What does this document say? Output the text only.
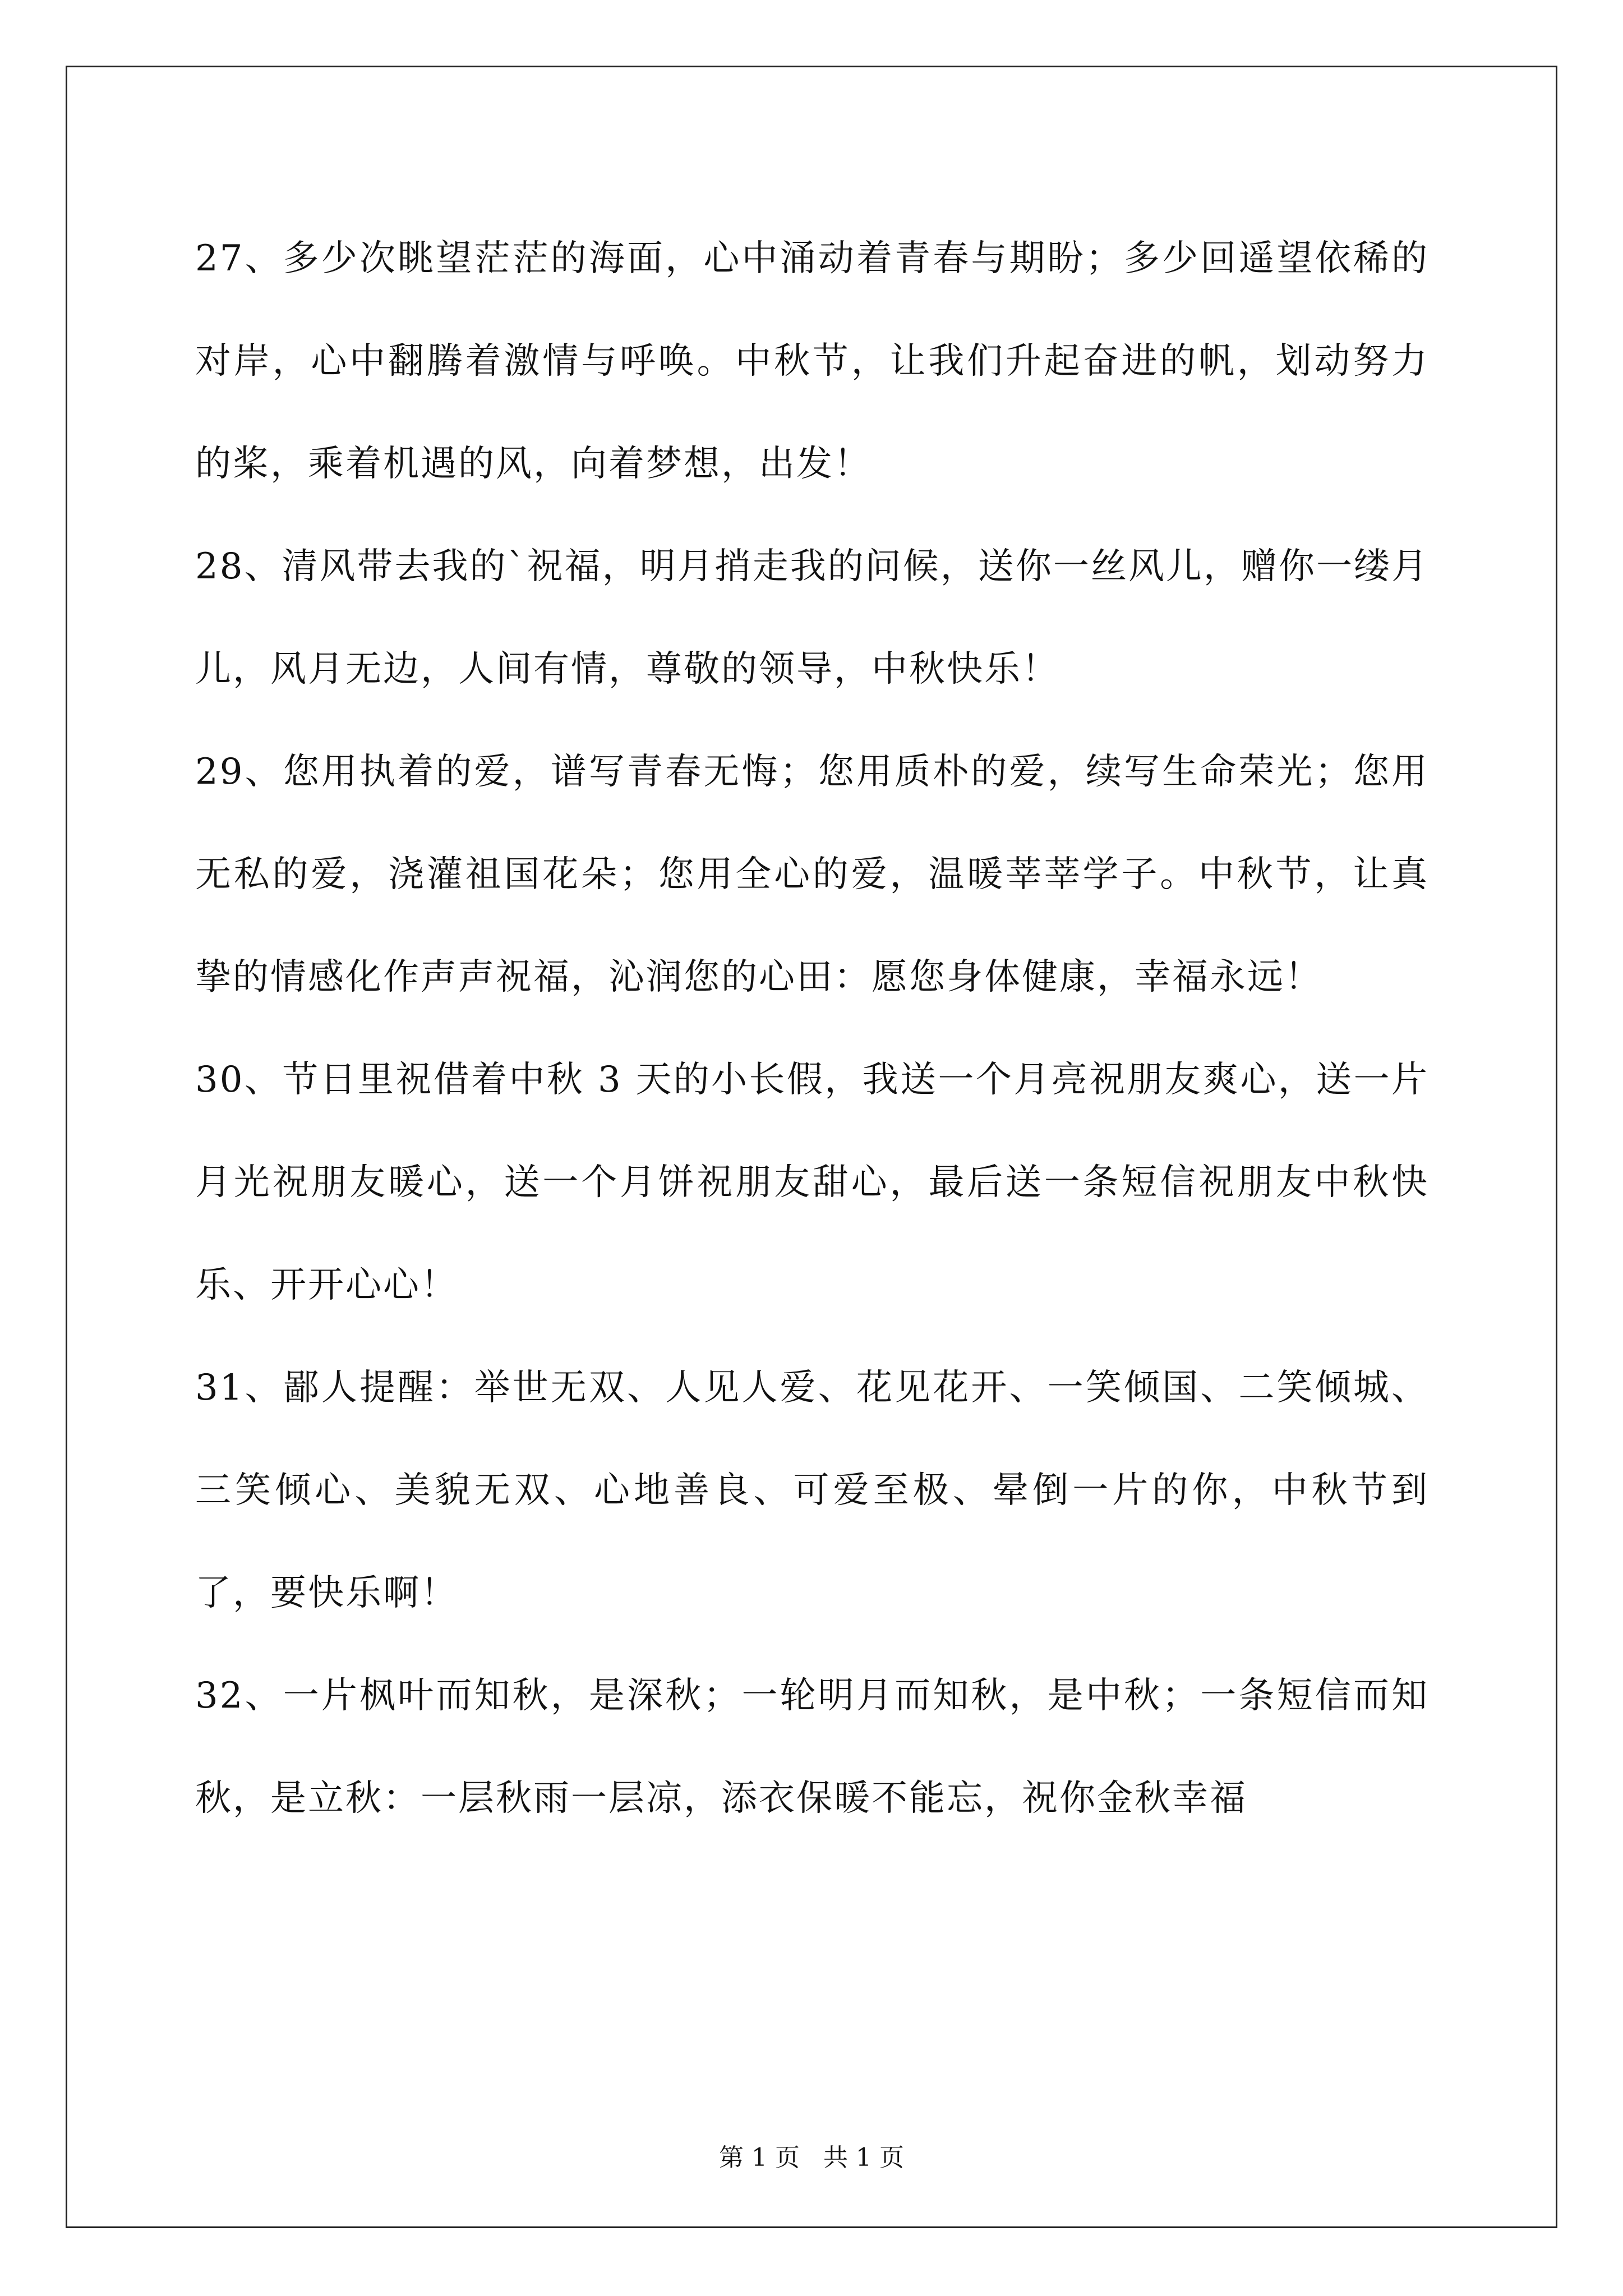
27、多少次眺望茫茫的海面，心中涌动着青春与期盼；多少回遥望依稀的对岸，心中翻腾着激情与呼唤。中秋节，让我们升起奋进的帆，划动努力的桨，乘着机遇的风，向着梦想，出发！

28、清风带去我的`祝福，明月捎走我的问候，送你一丝风儿，赠你一缕月儿，风月无边，人间有情，尊敬的领导，中秋快乐！

29、您用执着的爱，谱写青春无悔；您用质朴的爱，续写生命荣光；您用无私的爱，浇灌祖国花朵；您用全心的爱，温暖莘莘学子。中秋节，让真挚的情感化作声声祝福，沁润您的心田：愿您身体健康，幸福永远！

30、节日里祝借着中秋 3 天的小长假，我送一个月亮祝朋友爽心，送一片月光祝朋友暖心，送一个月饼祝朋友甜心，最后送一条短信祝朋友中秋快乐、开开心心！

31、鄙人提醒：举世无双、人见人爱、花见花开、一笑倾国、二笑倾城、三笑倾心、美貌无双、心地善良、可爱至极、晕倒一片的你，中秋节到了，要快乐啊！

32、一片枫叶而知秋，是深秋；一轮明月而知秋，是中秋；一条短信而知秋，是立秋：一层秋雨一层凉，添衣保暖不能忘，祝你金秋幸福

第 1 页 共 1 页
